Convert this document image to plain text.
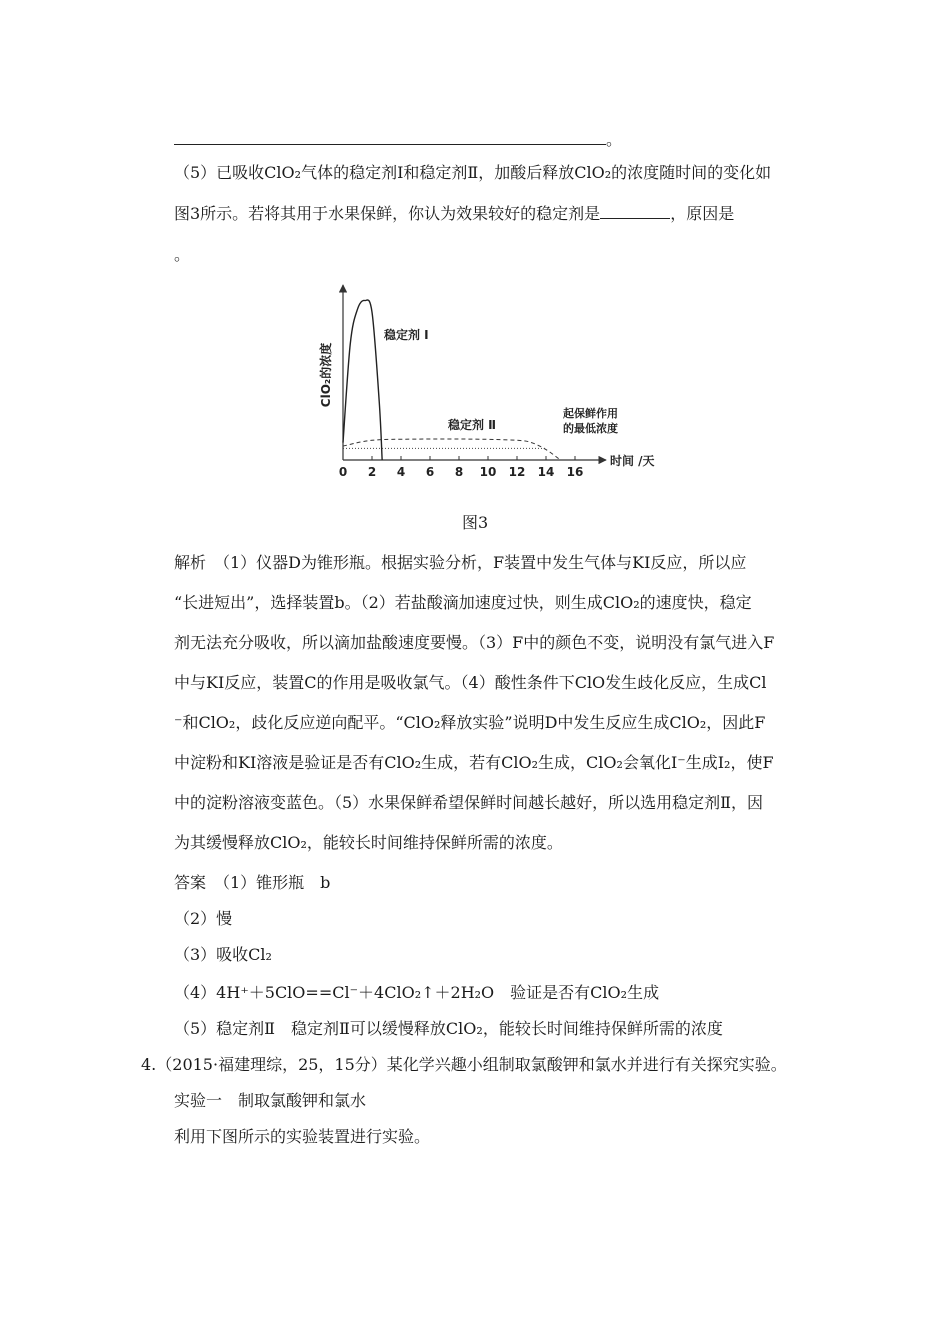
。
（5）已吸收ClO₂气体的稳定剂Ⅰ和稳定剂Ⅱ，加酸后释放ClO₂的浓度随时间的变化如
图3所示。若将其用于水果保鲜，你认为效果较好的稳定剂是	，原因是
。
ClO₂的浓度
时间 /天
0 2 4 6 8 10 12 14 16
稳定剂 Ⅰ
稳定剂 Ⅱ
起保鲜作用
的最低浓度
图3
解析　（1）仪器D为锥形瓶。根据实验分析，F装置中发生气体与KI反应，所以应
“长进短出”，选择装置b。（2）若盐酸滴加速度过快，则生成ClO₂的速度快，稳定
剂无法充分吸收，所以滴加盐酸速度要慢。（3）F中的颜色不变，说明没有氯气进入F
中与KI反应，装置C的作用是吸收氯气。（4）酸性条件下ClO发生歧化反应，生成Cl
⁻和ClO₂，歧化反应逆向配平。“ClO₂释放实验”说明D中发生反应生成ClO₂，因此F
中淀粉和KI溶液是验证是否有ClO₂生成，若有ClO₂生成，ClO₂会氧化I⁻生成I₂，使F
中的淀粉溶液变蓝色。（5）水果保鲜希望保鲜时间越长越好，所以选用稳定剂Ⅱ，因
为其缓慢释放ClO₂，能较长时间维持保鲜所需的浓度。
答案　（1）锥形瓶　b
（2）慢
（3）吸收Cl₂
（4）4H⁺＋5ClO==Cl⁻＋4ClO₂↑＋2H₂O　验证是否有ClO₂生成
（5）稳定剂Ⅱ　稳定剂Ⅱ可以缓慢释放ClO₂，能较长时间维持保鲜所需的浓度
4.（2015·福建理综，25，15分）某化学兴趣小组制取氯酸钾和氯水并进行有关探究实验。
实验一　制取氯酸钾和氯水
利用下图所示的实验装置进行实验。
